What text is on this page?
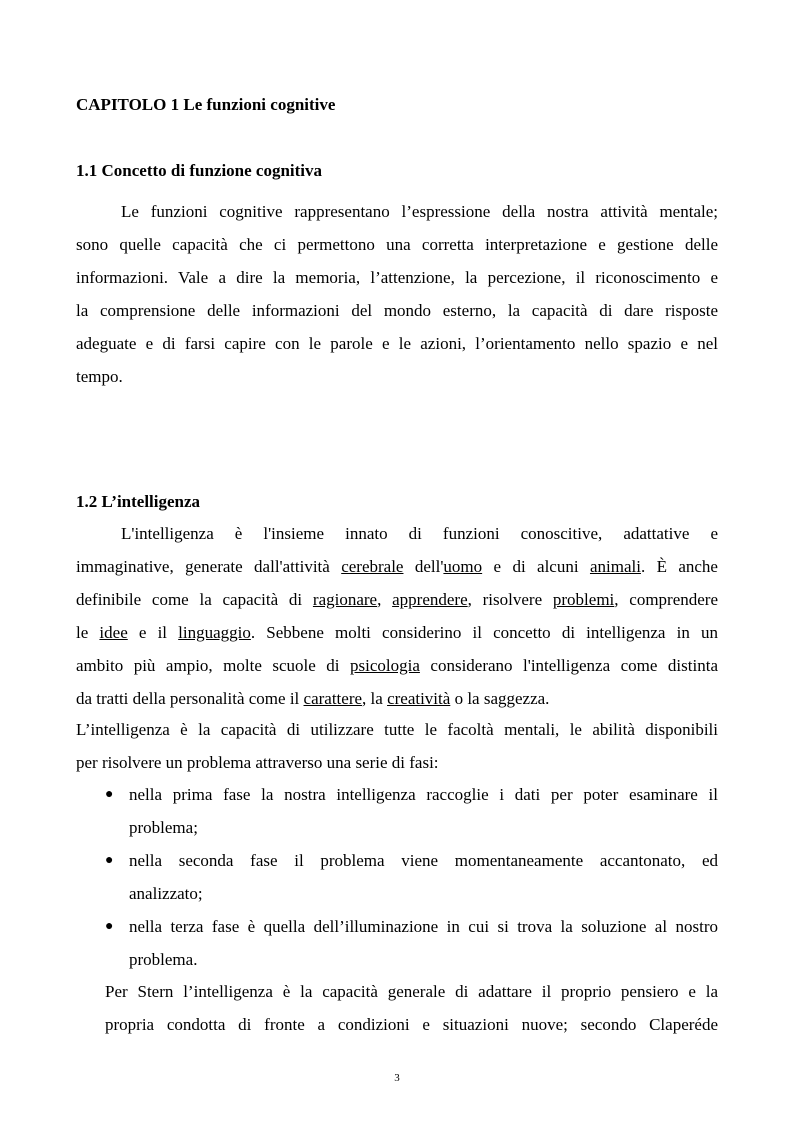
CAPITOLO 1 Le funzioni cognitive
1.1 Concetto di funzione cognitiva
Le funzioni cognitive rappresentano l’espressione della nostra attività mentale;
sono quelle capacità che ci permettono una corretta interpretazione e gestione delle
informazioni. Vale a dire la memoria, l’attenzione, la percezione, il riconoscimento e
la comprensione delle informazioni del mondo esterno, la capacità di dare risposte
adeguate e di farsi capire con le parole e le azioni, l’orientamento nello spazio e nel
tempo.
1.2 L’intelligenza
L'intelligenza è l'insieme innato di funzioni conoscitive, adattative e
immaginative, generate dall'attività cerebrale dell'uomo e di alcuni animali. È anche
definibile come la capacità di ragionare, apprendere, risolvere problemi, comprendere
le idee e il linguaggio. Sebbene molti considerino il concetto di intelligenza in un
ambito più ampio, molte scuole di psicologia considerano l'intelligenza come distinta
da tratti della personalità come il carattere, la creatività o la saggezza.
L’intelligenza è la capacità di utilizzare tutte le facoltà mentali, le abilità disponibili
per risolvere un problema attraverso una serie di fasi:
● nella prima fase la nostra intelligenza raccoglie i dati per poter esaminare il
problema;
● nella seconda fase il problema viene momentaneamente accantonato, ed
analizzato;
● nella terza fase è quella dell’illuminazione in cui si trova la soluzione al nostro
problema.
Per Stern l’intelligenza è la capacità generale di adattare il proprio pensiero e la
propria condotta di fronte a condizioni e situazioni nuove; secondo Claperéde
3
